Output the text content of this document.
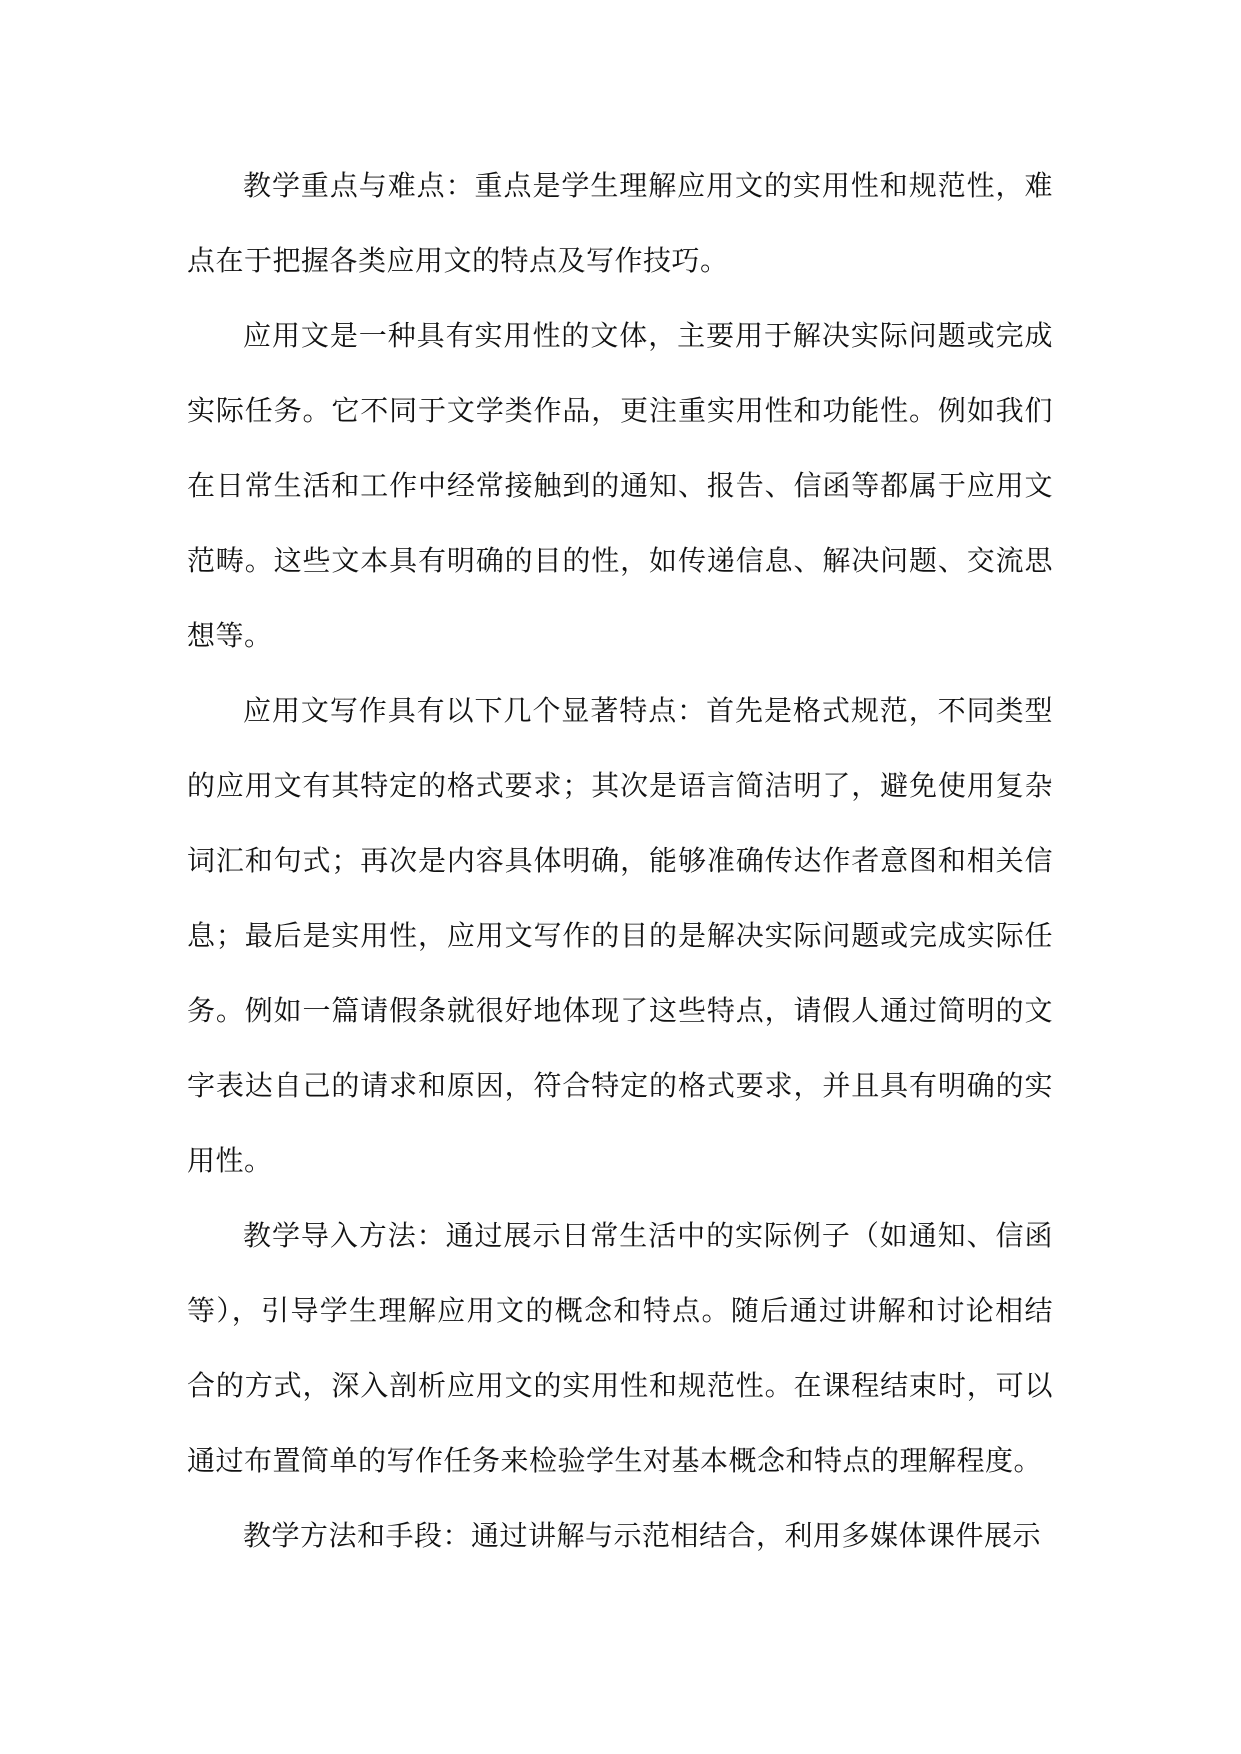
教学重点与难点：重点是学生理解应用文的实用性和规范性，难点在于把握各类应用文的特点及写作技巧。

应用文是一种具有实用性的文体，主要用于解决实际问题或完成实际任务。它不同于文学类作品，更注重实用性和功能性。例如我们在日常生活和工作中经常接触到的通知、报告、信函等都属于应用文范畴。这些文本具有明确的目的性，如传递信息、解决问题、交流思想等。

应用文写作具有以下几个显著特点：首先是格式规范，不同类型的应用文有其特定的格式要求；其次是语言简洁明了，避免使用复杂词汇和句式；再次是内容具体明确，能够准确传达作者意图和相关信息；最后是实用性，应用文写作的目的是解决实际问题或完成实际任务。例如一篇请假条就很好地体现了这些特点，请假人通过简明的文字表达自己的请求和原因，符合特定的格式要求，并且具有明确的实用性。

教学导入方法：通过展示日常生活中的实际例子（如通知、信函等），引导学生理解应用文的概念和特点。随后通过讲解和讨论相结合的方式，深入剖析应用文的实用性和规范性。在课程结束时，可以通过布置简单的写作任务来检验学生对基本概念和特点的理解程度。

教学方法和手段：通过讲解与示范相结合，利用多媒体课件展示
